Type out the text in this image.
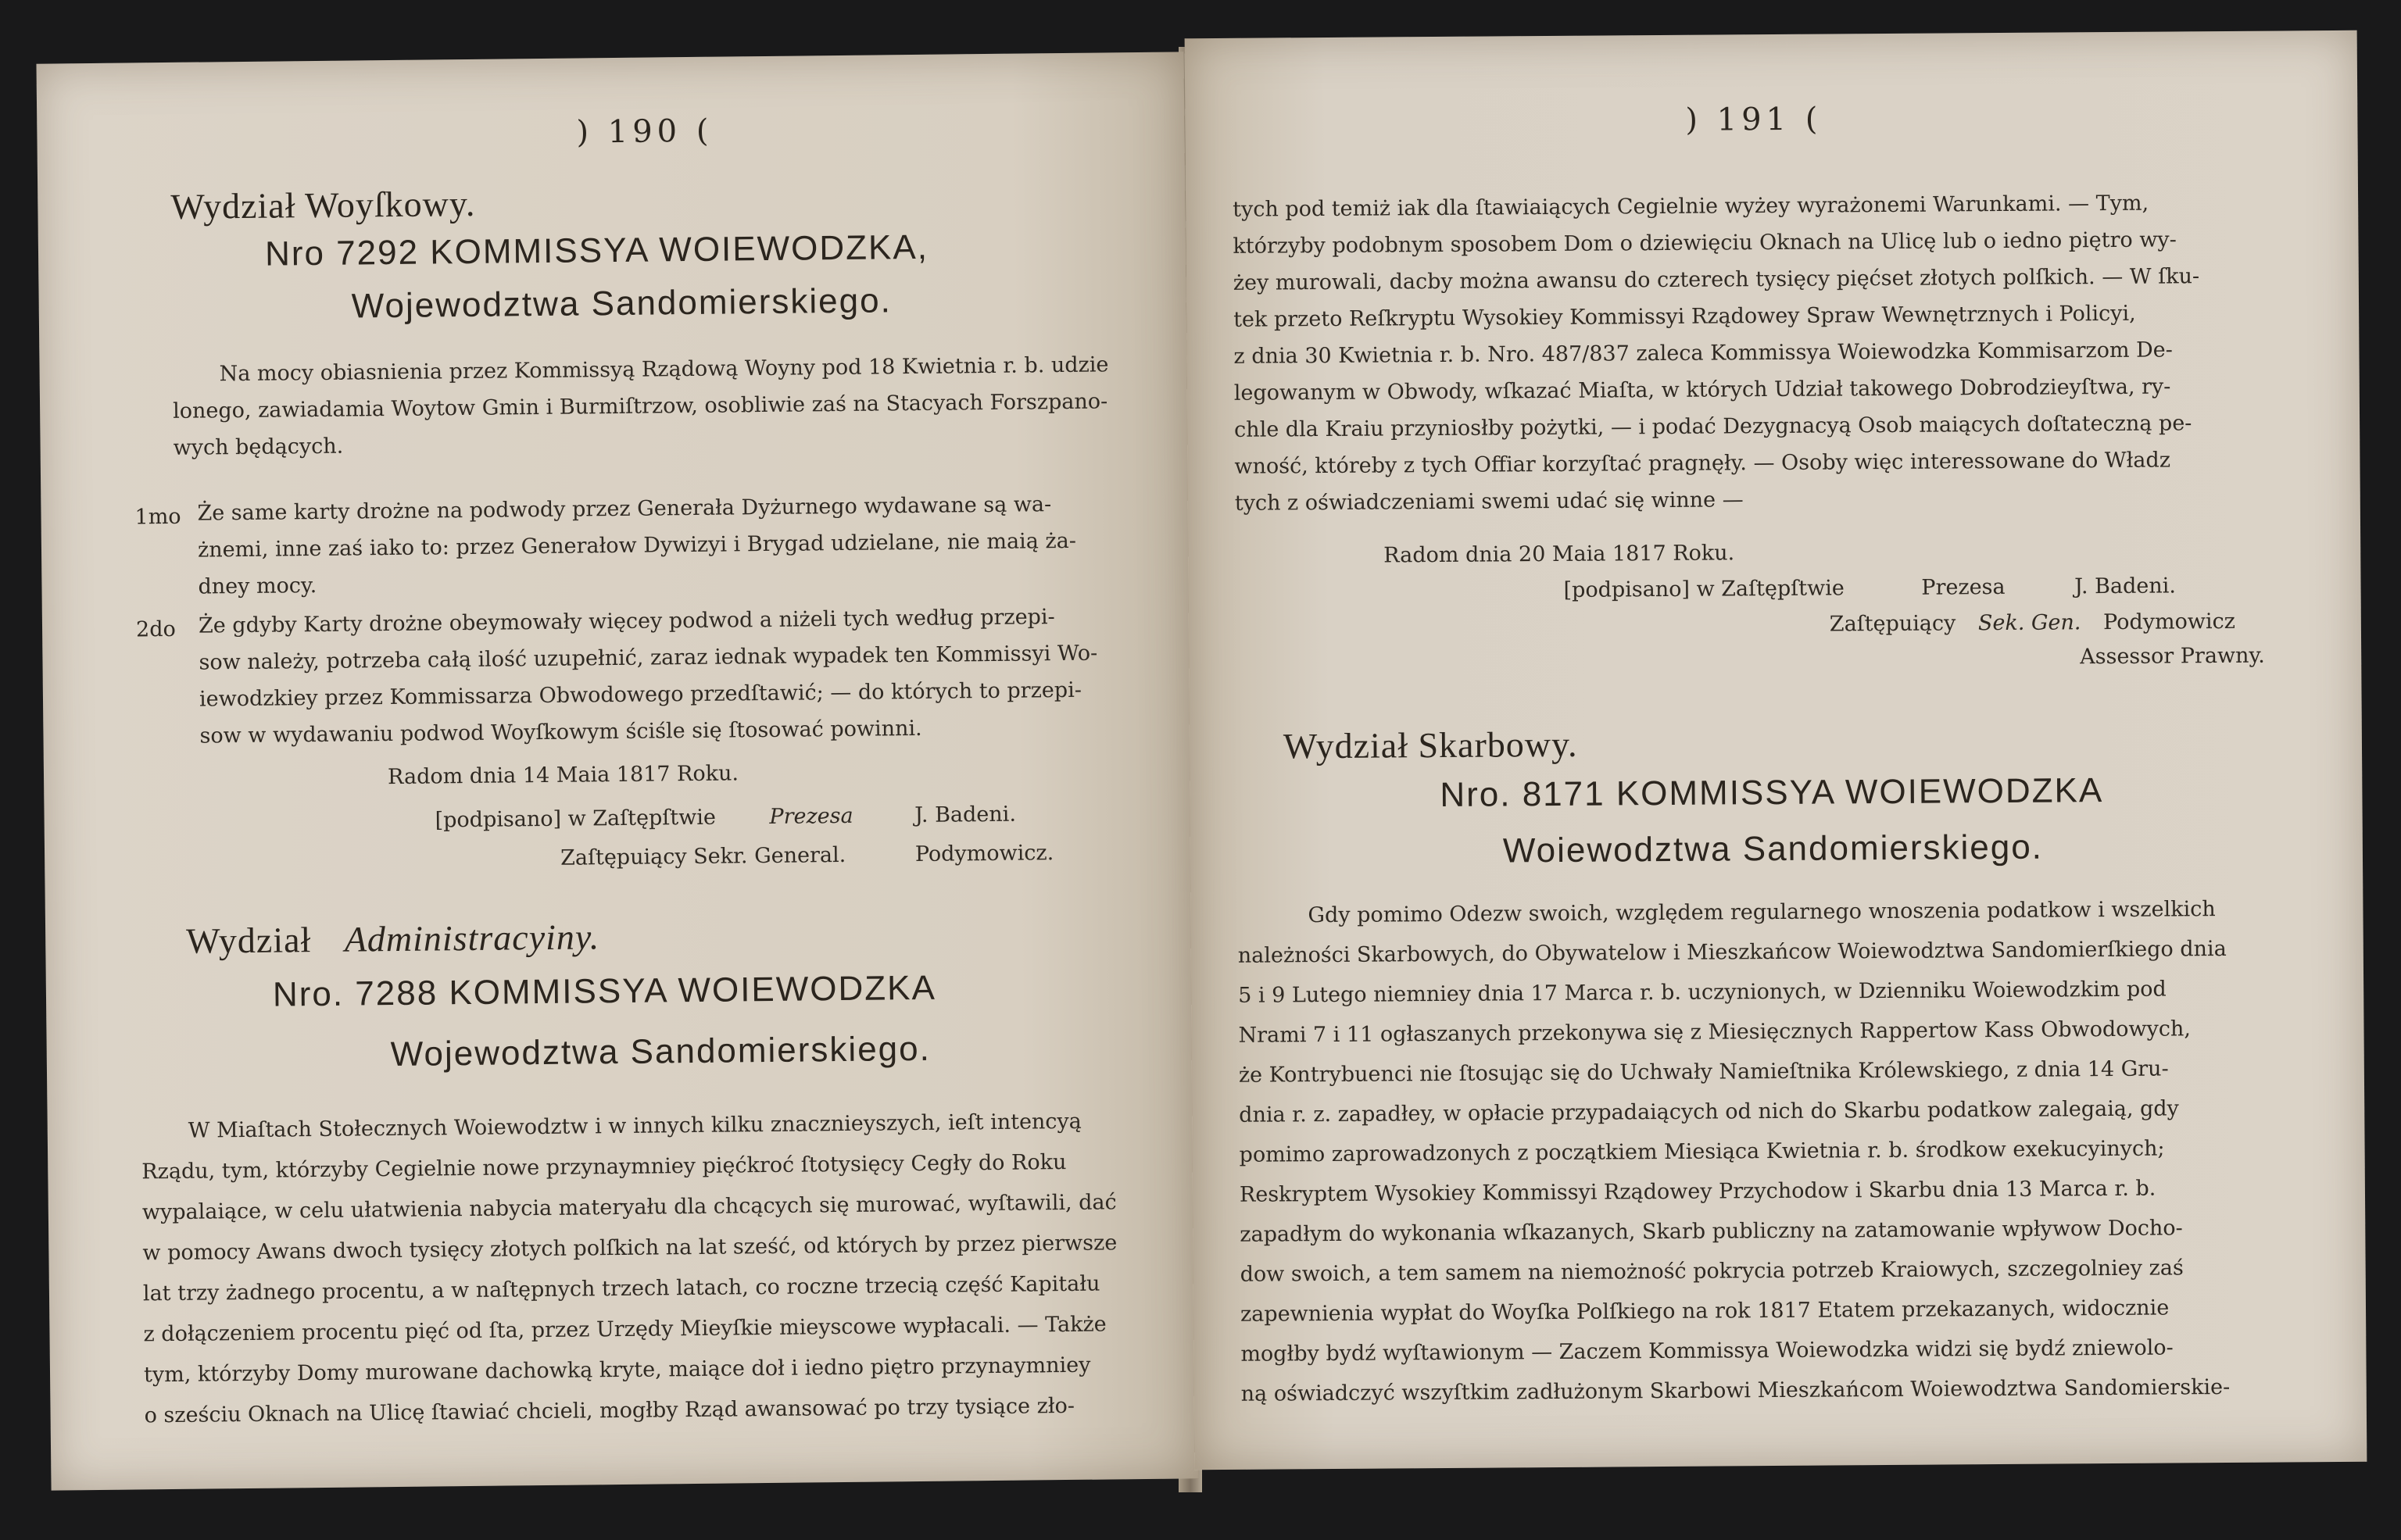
) 190 (
Wydział Woyſkowy.
Nro 7292 KOMMISSYA WOIEWODZKA,
Wojewodztwa Sandomierskiego.
Na mocy obiasnienia przez Kommissyą Rządową Woyny pod 18 Kwietnia r. b. udzie
lonego, zawiadamia Woytow Gmin i Burmiſtrzow, osobliwie zaś na Stacyach Forszpano-
wych będących.
1mo Że same karty drożne na podwody przez Generała Dyżurnego wydawane są wa-
żnemi, inne zaś iako to: przez Generałow Dywizyi i Brygad udzielane, nie maią ża-
dney mocy.
2do Że gdyby Karty drożne obeymowały więcey podwod a niżeli tych według przepi-
sow należy, potrzeba całą ilość uzupełnić, zaraz iednak wypadek ten Kommissyi Wo-
iewodzkiey przez Kommissarza Obwodowego przedſtawić; — do których to przepi-
sow w wydawaniu podwod Woyſkowym ściśle się ſtosować powinni.
Radom dnia 14 Maia 1817 Roku.
[podpisano] w Zaſtępſtwie	Prezesa	J. Badeni.
Zaſtępuiący Sekr. General.	Podymowicz.
Wydział Administracyiny.
Nro. 7288 KOMMISSYA WOIEWODZKA
Wojewodztwa Sandomierskiego.
W Miaſtach Stołecznych Woiewodztw i w innych kilku znacznieyszych, ieſt intencyą
Rządu, tym, którzyby Cegielnie nowe przynaymniey pięćkroć ſtotysięcy Cegły do Roku
wypalaiące, w celu ułatwienia nabycia materyału dla chcących się murować, wyſtawili, dać
w pomocy Awans dwoch tysięcy złotych polſkich na lat sześć, od których by przez pierwsze
lat trzy żadnego procentu, a w naſtępnych trzech latach, co roczne trzecią część Kapitału
z dołączeniem procentu pięć od ſta, przez Urzędy Mieyſkie mieyscowe wypłacali. — Także
tym, którzyby Domy murowane dachowką kryte, maiące doł i iedno piętro przynaymniey
o sześciu Oknach na Ulicę ſtawiać chcieli, mogłby Rząd awansować po trzy tysiące zło-
) 191 (
tych pod temiż iak dla ſtawiaiących Cegielnie wyżey wyrażonemi Warunkami. — Tym,
którzyby podobnym sposobem Dom o dziewięciu Oknach na Ulicę lub o iedno piętro wy-
żey murowali, dacby można awansu do czterech tysięcy pięćset złotych polſkich. — W ſku-
tek przeto Reſkryptu Wysokiey Kommissyi Rządowey Spraw Wewnętrznych i Policyi,
z dnia 30 Kwietnia r. b. Nro. 487/837 zaleca Kommissya Woiewodzka Kommisarzom De-
legowanym w Obwody, wſkazać Miaſta, w których Udział takowego Dobrodzieyſtwa, ry-
chle dla Kraiu przyniosłby pożytki, — i podać Dezygnacyą Osob maiących doſtateczną pe-
wność, któreby z tych Offiar korzyſtać pragnęły. — Osoby więc interessowane do Władz
tych z oświadczeniami swemi udać się winne —
Radom dnia 20 Maia 1817 Roku.
[podpisano] w Zaſtępſtwie	Prezesa	J. Badeni.
Zaſtępuiący Sek. Gen. Podymowicz
Assessor Prawny.
Wydział Skarbowy.
Nro. 8171 KOMMISSYA WOIEWODZKA
Woiewodztwa Sandomierskiego.
Gdy pomimo Odezw swoich, względem regularnego wnoszenia podatkow i wszelkich
należności Skarbowych, do Obywatelow i Mieszkańcow Woiewodztwa Sandomierſkiego dnia
5 i 9 Lutego niemniey dnia 17 Marca r. b. uczynionych, w Dzienniku Woiewodzkim pod
Nrami 7 i 11 ogłaszanych przekonywa się z Miesięcznych Rappertow Kass Obwodowych,
że Kontrybuenci nie ſtosując się do Uchwały Namieſtnika Królewskiego, z dnia 14 Gru-
dnia r. z. zapadłey, w opłacie przypadaiących od nich do Skarbu podatkow zalegaią, gdy
pomimo zaprowadzonych z początkiem Miesiąca Kwietnia r. b. środkow exekucyinych;
Reskryptem Wysokiey Kommissyi Rządowey Przychodow i Skarbu dnia 13 Marca r. b.
zapadłym do wykonania wſkazanych, Skarb publiczny na zatamowanie wpływow Docho-
dow swoich, a tem samem na niemożność pokrycia potrzeb Kraiowych, szczegolniey zaś
zapewnienia wypłat do Woyſka Polſkiego na rok 1817 Etatem przekazanych, widocznie
mogłby bydź wyſtawionym — Zaczem Kommissya Woiewodzka widzi się bydź zniewolo-
ną oświadczyć wszyſtkim zadłużonym Skarbowi Mieszkańcom Woiewodztwa Sandomierskie-
